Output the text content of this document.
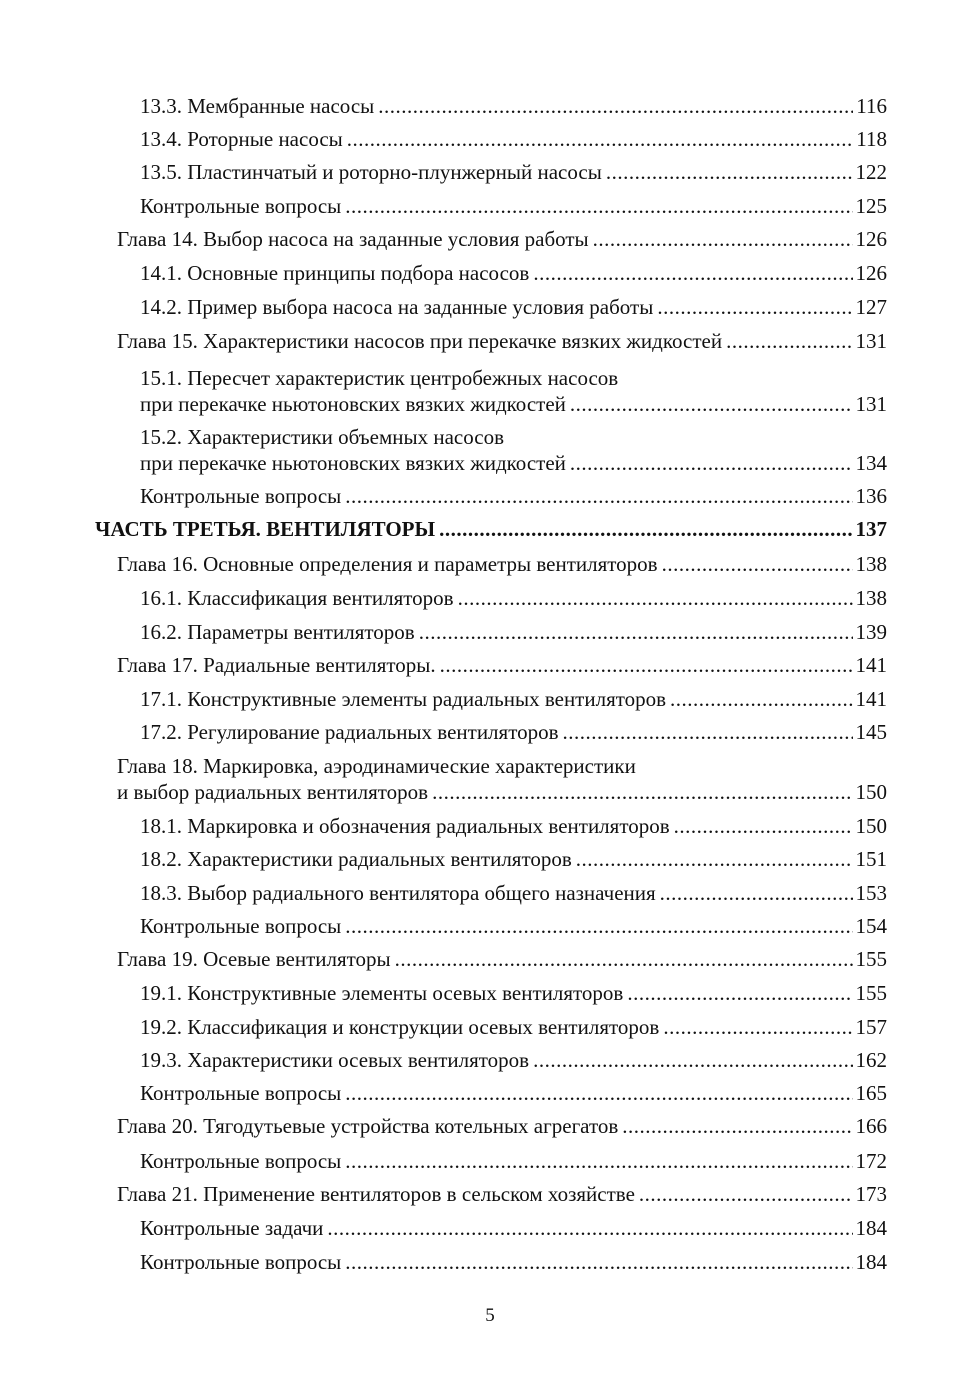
13.3. Мембранные насосы .....	116
13.4. Роторные насосы .....	118
13.5. Пластинчатый и роторно-плунжерный насосы .....	122
Контрольные вопросы .....	125
Глава 14. Выбор насоса на заданные условия работы .....	126
14.1. Основные принципы подбора насосов .....	126
14.2. Пример выбора насоса на заданные условия работы .....	127
Глава 15. Характеристики насосов при перекачке вязких жидкостей .....	131
15.1. Пересчет характеристик центробежных насосов
при перекачке ньютоновских вязких жидкостей .....	131
15.2. Характеристики объемных насосов
при перекачке ньютоновских вязких жидкостей .....	134
Контрольные вопросы .....	136
ЧАСТЬ ТРЕТЬЯ. ВЕНТИЛЯТОРЫ .....	137
Глава 16. Основные определения и параметры вентиляторов .....	138
16.1. Классификация вентиляторов .....	138
16.2. Параметры вентиляторов .....	139
Глава 17. Радиальные вентиляторы. .....	141
17.1. Конструктивные элементы радиальных вентиляторов .....	141
17.2. Регулирование радиальных вентиляторов .....	145
Глава 18. Маркировка, аэродинамические характеристики
и выбор радиальных вентиляторов .....	150
18.1. Маркировка и обозначения радиальных вентиляторов .....	150
18.2. Характеристики радиальных вентиляторов .....	151
18.3. Выбор радиального вентилятора общего назначения .....	153
Контрольные вопросы .....	154
Глава 19. Осевые вентиляторы .....	155
19.1. Конструктивные элементы осевых вентиляторов .....	155
19.2. Классификация и конструкции осевых вентиляторов .....	157
19.3. Характеристики осевых вентиляторов .....	162
Контрольные вопросы .....	165
Глава 20. Тягодутьевые устройства котельных агрегатов .....	166
Контрольные вопросы .....	172
Глава 21. Применение вентиляторов в сельском хозяйстве .....	173
Контрольные задачи .....	184
Контрольные вопросы .....	184
5
